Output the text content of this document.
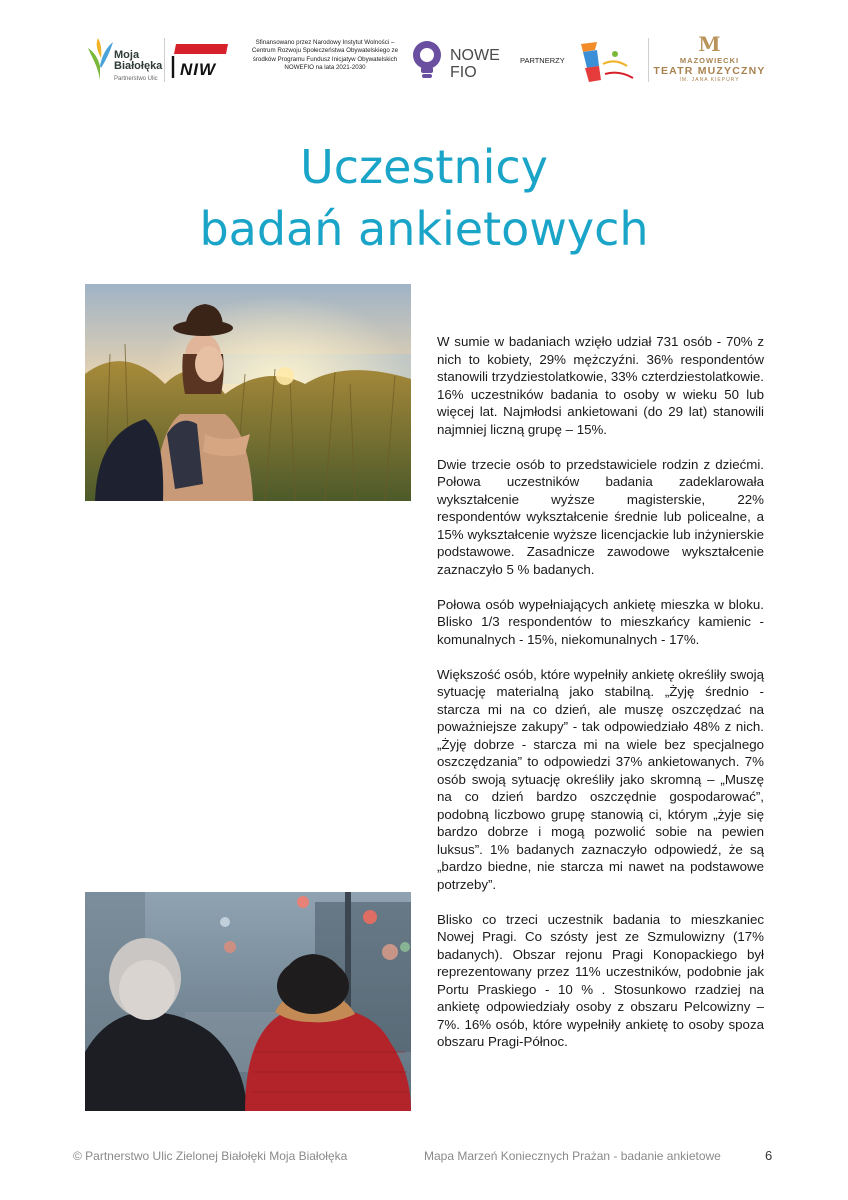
Moja
Białołęka
Partnerstwo Ulic NIW
Sfinansowano przez Narodowy Instytut Wolności – Centrum Rozwoju Społeczeństwa Obywatelskiego ze środków Programu Fundusz Inicjatyw Obywatelskich NOWEFIO na lata 2021-2030
NOWE
FIO
PARTNERZY
M
MAZOWIECKI
TEATR MUZYCZNY
IM. JANA KIEPURY
Uczestnicy
badań ankietowych

W sumie w badaniach wzięło udział 731 osób - 70% z nich to kobiety, 29% mężczyźni. 36% respondentów stanowili trzydziestolatkowie, 33% czterdziestolatkowie. 16% uczestników badania to osoby w wieku 50 lub więcej lat. Najmłodsi ankietowani (do 29 lat) stanowili najmniej liczną grupę – 15%.

Dwie trzecie osób to przedstawiciele rodzin z dziećmi. Połowa uczestników badania zadeklarowała wykształcenie wyższe magisterskie, 22% respondentów wykształcenie średnie lub policealne, a 15% wykształcenie wyższe licencjackie lub inżynierskie podstawowe. Zasadnicze zawodowe wykształcenie zaznaczyło 5 % badanych.

Połowa osób wypełniających ankietę mieszka w bloku. Blisko 1/3 respondentów to mieszkańcy kamienic - komunalnych - 15%, niekomunalnych - 17%.

Większość osób, które wypełniły ankietę określiły swoją sytuację materialną jako stabilną. „Żyję średnio - starcza mi na co dzień, ale muszę oszczędzać na poważniejsze zakupy” - tak odpowiedziało 48% z nich. „Żyję dobrze - starcza mi na wiele bez specjalnego oszczędzania” to odpowiedzi 37% ankietowanych. 7% osób swoją sytuację określiły jako skromną – „Muszę na co dzień bardzo oszczędnie gospodarować”, podobną liczbowo grupę stanowią ci, którym „żyje się bardzo dobrze i mogą pozwolić sobie na pewien luksus”. 1% badanych zaznaczyło odpowiedź, że są „bardzo biedne, nie starcza mi nawet na podstawowe potrzeby”.

Blisko co trzeci uczestnik badania to mieszkaniec Nowej Pragi. Co szósty jest ze Szmulowizny (17% badanych). Obszar rejonu Pragi Konopackiego był reprezentowany przez 11% uczestników, podobnie jak Portu Praskiego - 10 % . Stosunkowo rzadziej na ankietę odpowiedziały osoby z obszaru Pelcowizny – 7%. 16% osób, które wypełniły ankietę to osoby spoza obszaru Pragi-Północ.

© Partnerstwo Ulic Zielonej Białołęki Moja Białołęka	Mapa Marzeń Koniecznych Prażan - badanie ankietowe	6
